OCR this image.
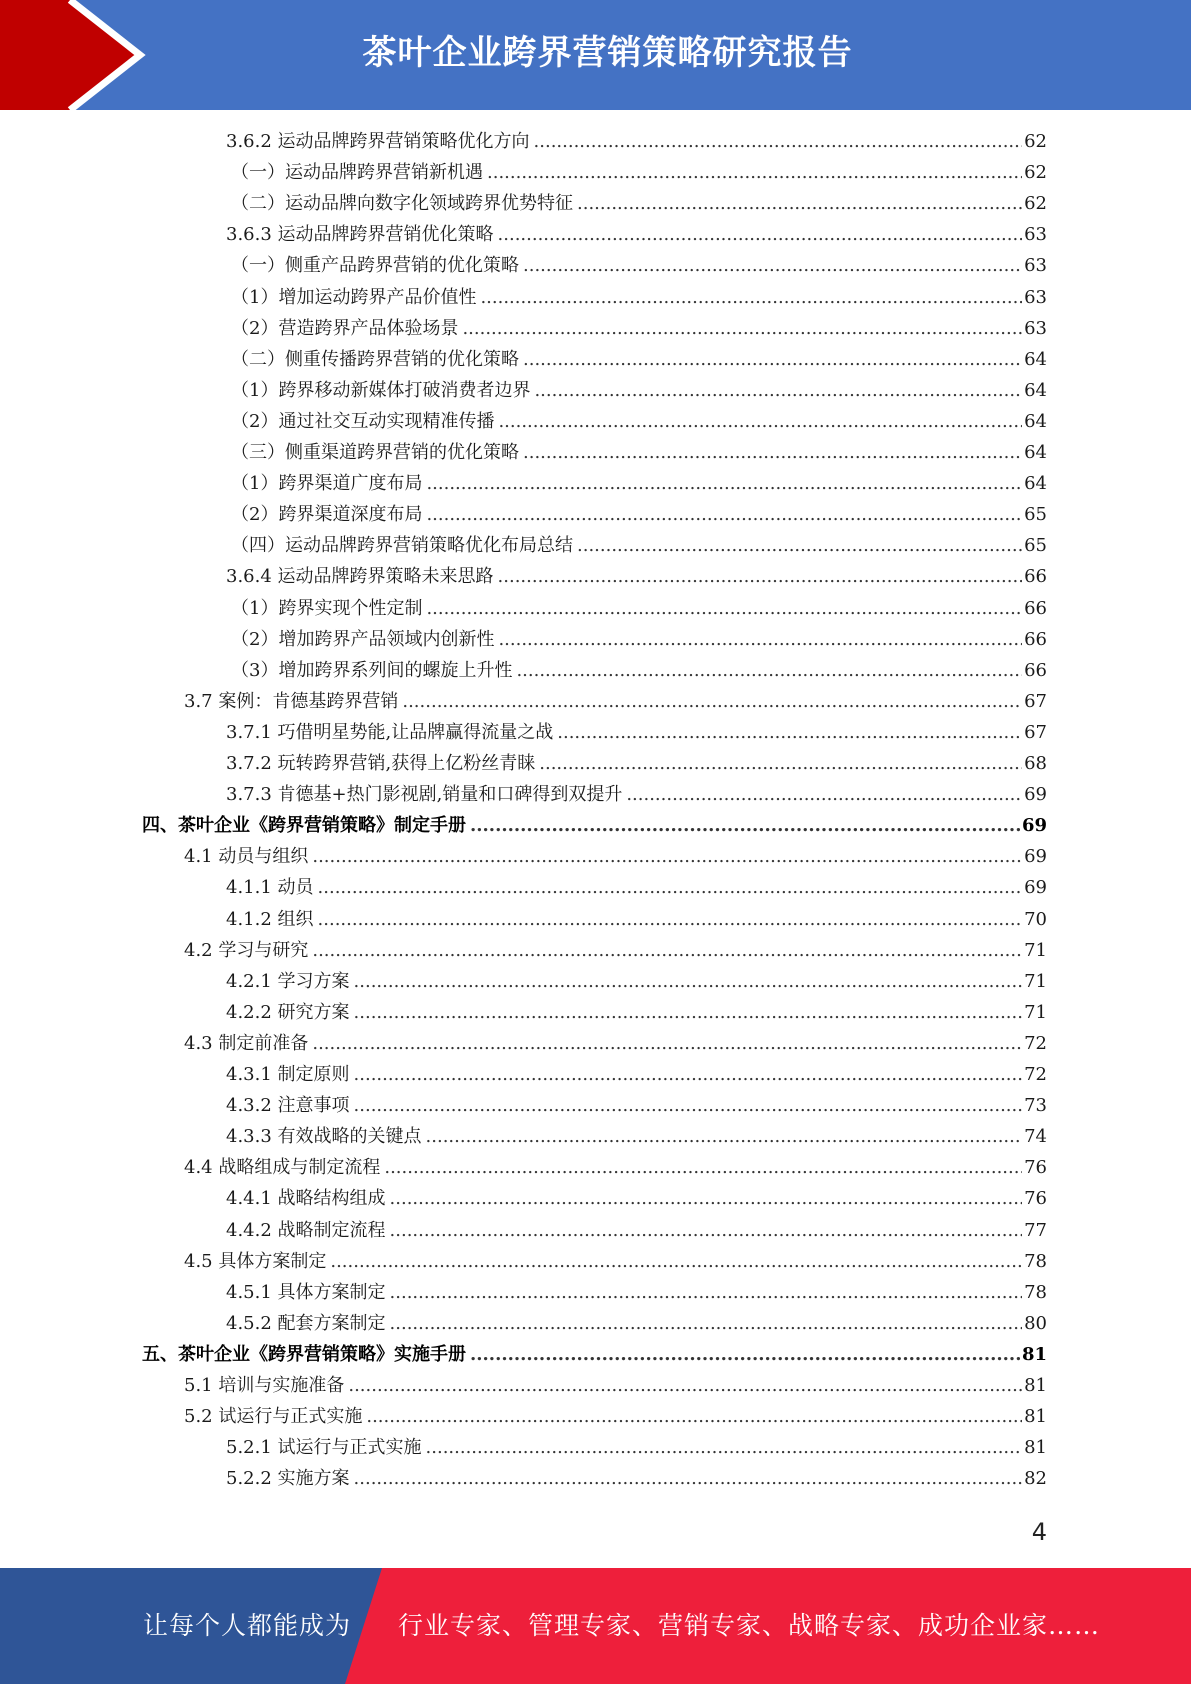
茶叶企业跨界营销策略研究报告
3.6.2 运动品牌跨界营销策略优化方向 .....	62
（一）运动品牌跨界营销新机遇 .....	62
（二）运动品牌向数字化领域跨界优势特征 .....	62
3.6.3 运动品牌跨界营销优化策略 .....	63
（一）侧重产品跨界营销的优化策略 .....	63
（1）增加运动跨界产品价值性 .....	63
（2）营造跨界产品体验场景 .....	63
（二）侧重传播跨界营销的优化策略 .....	64
（1）跨界移动新媒体打破消费者边界 .....	64
（2）通过社交互动实现精准传播 .....	64
（三）侧重渠道跨界营销的优化策略 .....	64
（1）跨界渠道广度布局 .....	64
（2）跨界渠道深度布局 .....	65
（四）运动品牌跨界营销策略优化布局总结 .....	65
3.6.4 运动品牌跨界策略未来思路 .....	66
（1）跨界实现个性定制 .....	66
（2）增加跨界产品领域内创新性 .....	66
（3）增加跨界系列间的螺旋上升性 .....	66
3.7 案例：肯德基跨界营销 .....	67
3.7.1 巧借明星势能,让品牌赢得流量之战 .....	67
3.7.2 玩转跨界营销,获得上亿粉丝青睐 .....	68
3.7.3 肯德基+热门影视剧,销量和口碑得到双提升 .....	69
四、茶叶企业《跨界营销策略》制定手册 .....	69
4.1 动员与组织 .....	69
4.1.1 动员 .....	69
4.1.2 组织 .....	70
4.2 学习与研究 .....	71
4.2.1 学习方案 .....	71
4.2.2 研究方案 .....	71
4.3 制定前准备 .....	72
4.3.1 制定原则 .....	72
4.3.2 注意事项 .....	73
4.3.3 有效战略的关键点 .....	74
4.4 战略组成与制定流程 .....	76
4.4.1 战略结构组成 .....	76
4.4.2 战略制定流程 .....	77
4.5 具体方案制定 .....	78
4.5.1 具体方案制定 .....	78
4.5.2 配套方案制定 .....	80
五、茶叶企业《跨界营销策略》实施手册 .....	81
5.1 培训与实施准备 .....	81
5.2 试运行与正式实施 .....	81
5.2.1 试运行与正式实施 .....	81
5.2.2 实施方案 .....	82
4
让每个人都能成为 行业专家、管理专家、营销专家、战略专家、成功企业家……
